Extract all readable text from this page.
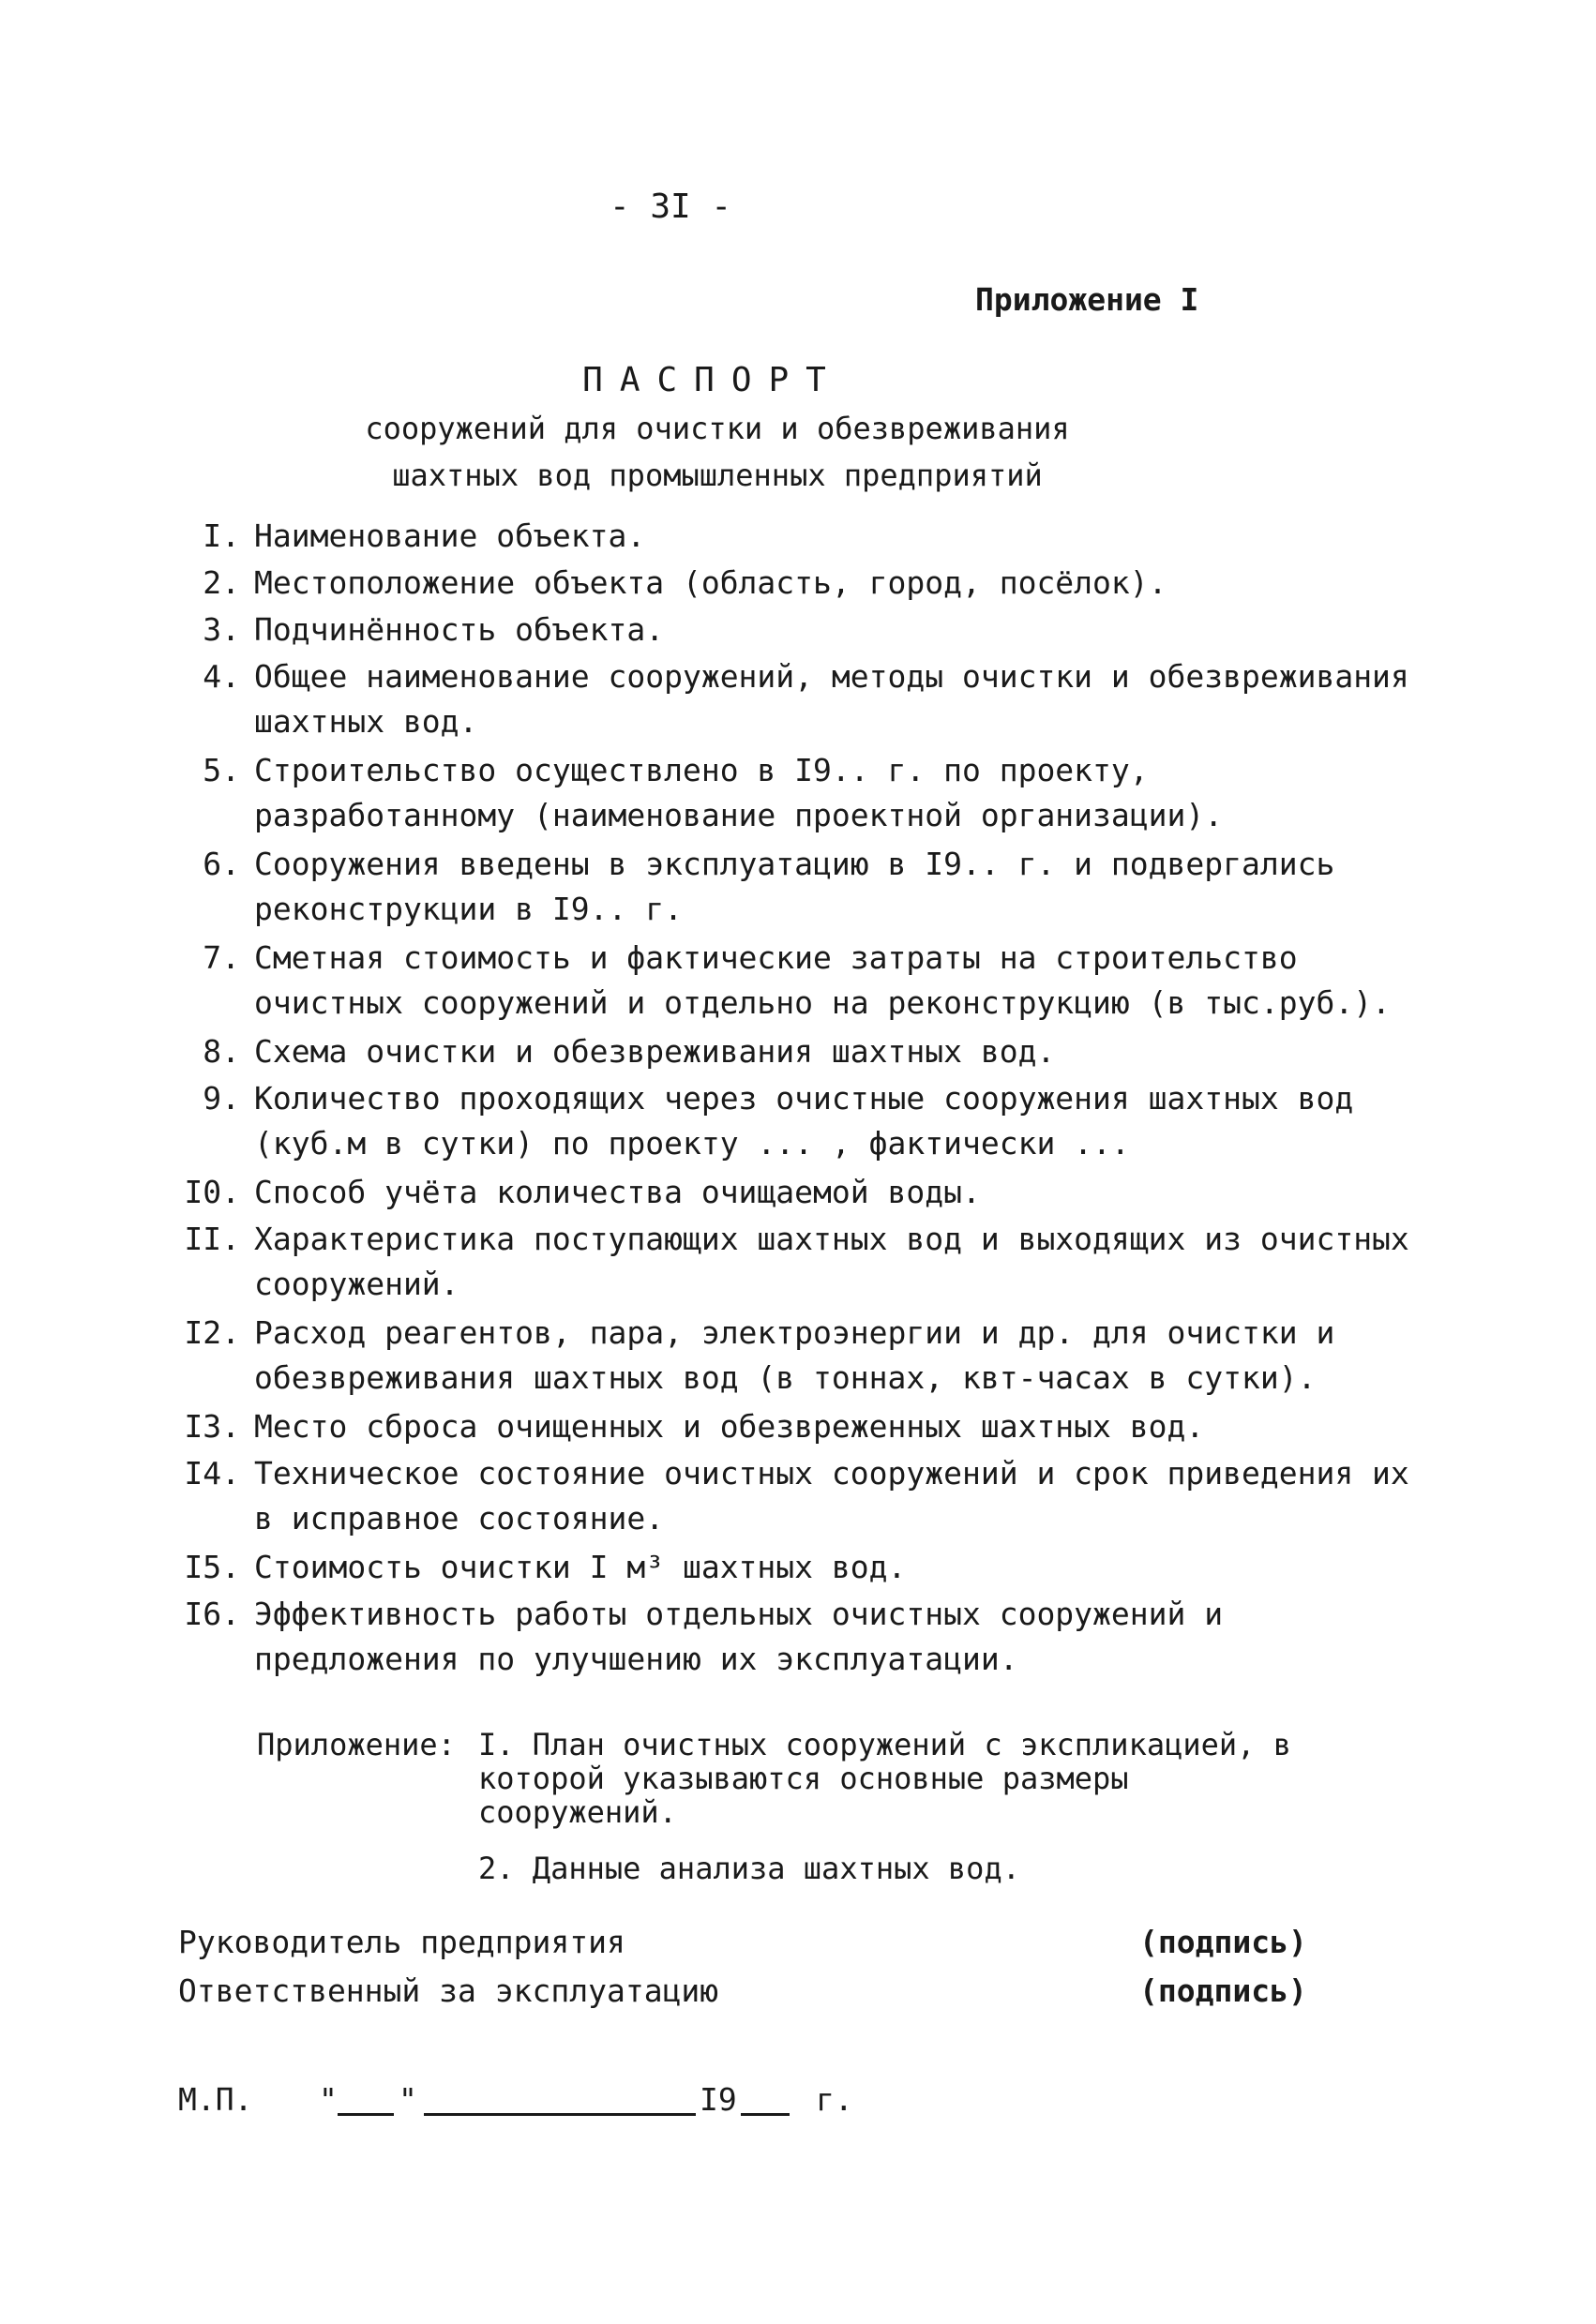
- 3I -
Приложение I
ПАСПОРТ
сооружений для очистки и обезвреживания
шахтных вод промышленных предприятий
I. Наименование объекта.
2. Местоположение объекта (область, город, посёлок).
3. Подчинённость объекта.
4. Общее наименование сооружений, методы очистки и обезвреживания шахтных вод.
5. Строительство осуществлено в I9.. г. по проекту, разработанному (наименование проектной организации).
6. Сооружения введены в эксплуатацию в I9.. г. и подвергались реконструкции в I9.. г.
7. Сметная стоимость и фактические затраты на строительство очистных сооружений и отдельно на реконструкцию (в тыс.руб.).
8. Схема очистки и обезвреживания шахтных вод.
9. Количество проходящих через очистные сооружения шахтных вод (куб.м в сутки) по проекту ... , фактически ...
I0. Способ учёта количества очищаемой воды.
II. Характеристика поступающих шахтных вод и выходящих из очистных сооружений.
I2. Расход реагентов, пара, электроэнергии и др. для очистки и обезвреживания шахтных вод (в тоннах, квт-часах в сутки).
I3. Место сброса очищенных и обезвреженных шахтных вод.
I4. Техническое состояние очистных сооружений и срок приведения их в исправное состояние.
I5. Стоимость очистки I м³ шахтных вод.
I6. Эффективность работы отдельных очистных сооружений и предложения по улучшению их эксплуатации.
Приложение: I. План очистных сооружений с экспликацией, в которой указываются основные размеры сооружений.
2. Данные анализа шахтных вод.
Руководитель предприятия	(подпись)
Ответственный за эксплуатацию	(подпись)
М.П. " "	I9	г.
